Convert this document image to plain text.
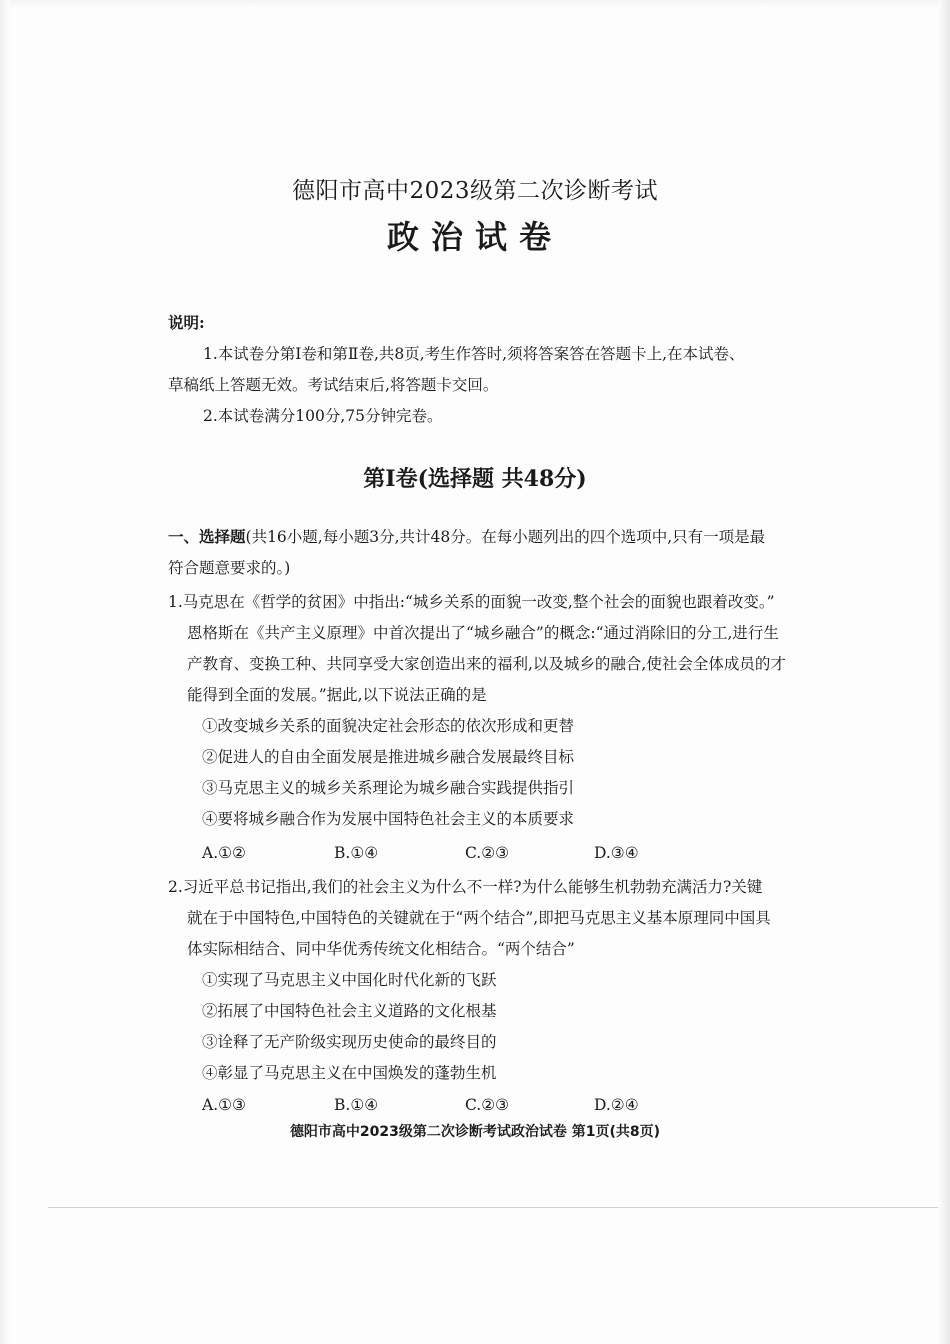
德阳市高中2023级第二次诊断考试
政治试卷
说明:
1.本试卷分第Ⅰ卷和第Ⅱ卷,共8页,考生作答时,须将答案答在答题卡上,在本试卷、
草稿纸上答题无效。考试结束后,将答题卡交回。
2.本试卷满分100分,75分钟完卷。
第Ⅰ卷(选择题 共48分)
一、选择题(共16小题,每小题3分,共计48分。在每小题列出的四个选项中,只有一项是最
符合题意要求的。)
1.马克思在《哲学的贫困》中指出:“城乡关系的面貌一改变,整个社会的面貌也跟着改变。”
恩格斯在《共产主义原理》中首次提出了“城乡融合”的概念:“通过消除旧的分工,进行生
产教育、变换工种、共同享受大家创造出来的福利,以及城乡的融合,使社会全体成员的才
能得到全面的发展。”据此,以下说法正确的是
①改变城乡关系的面貌决定社会形态的依次形成和更替
②促进人的自由全面发展是推进城乡融合发展最终目标
③马克思主义的城乡关系理论为城乡融合实践提供指引
④要将城乡融合作为发展中国特色社会主义的本质要求
A.①②	B.①④	C.②③	D.③④
2.习近平总书记指出,我们的社会主义为什么不一样?为什么能够生机勃勃充满活力?关键
就在于中国特色,中国特色的关键就在于“两个结合”,即把马克思主义基本原理同中国具
体实际相结合、同中华优秀传统文化相结合。“两个结合”
①实现了马克思主义中国化时代化新的飞跃
②拓展了中国特色社会主义道路的文化根基
③诠释了无产阶级实现历史使命的最终目的
④彰显了马克思主义在中国焕发的蓬勃生机
A.①③	B.①④	C.②③	D.②④
德阳市高中2023级第二次诊断考试政治试卷 第1页(共8页)
